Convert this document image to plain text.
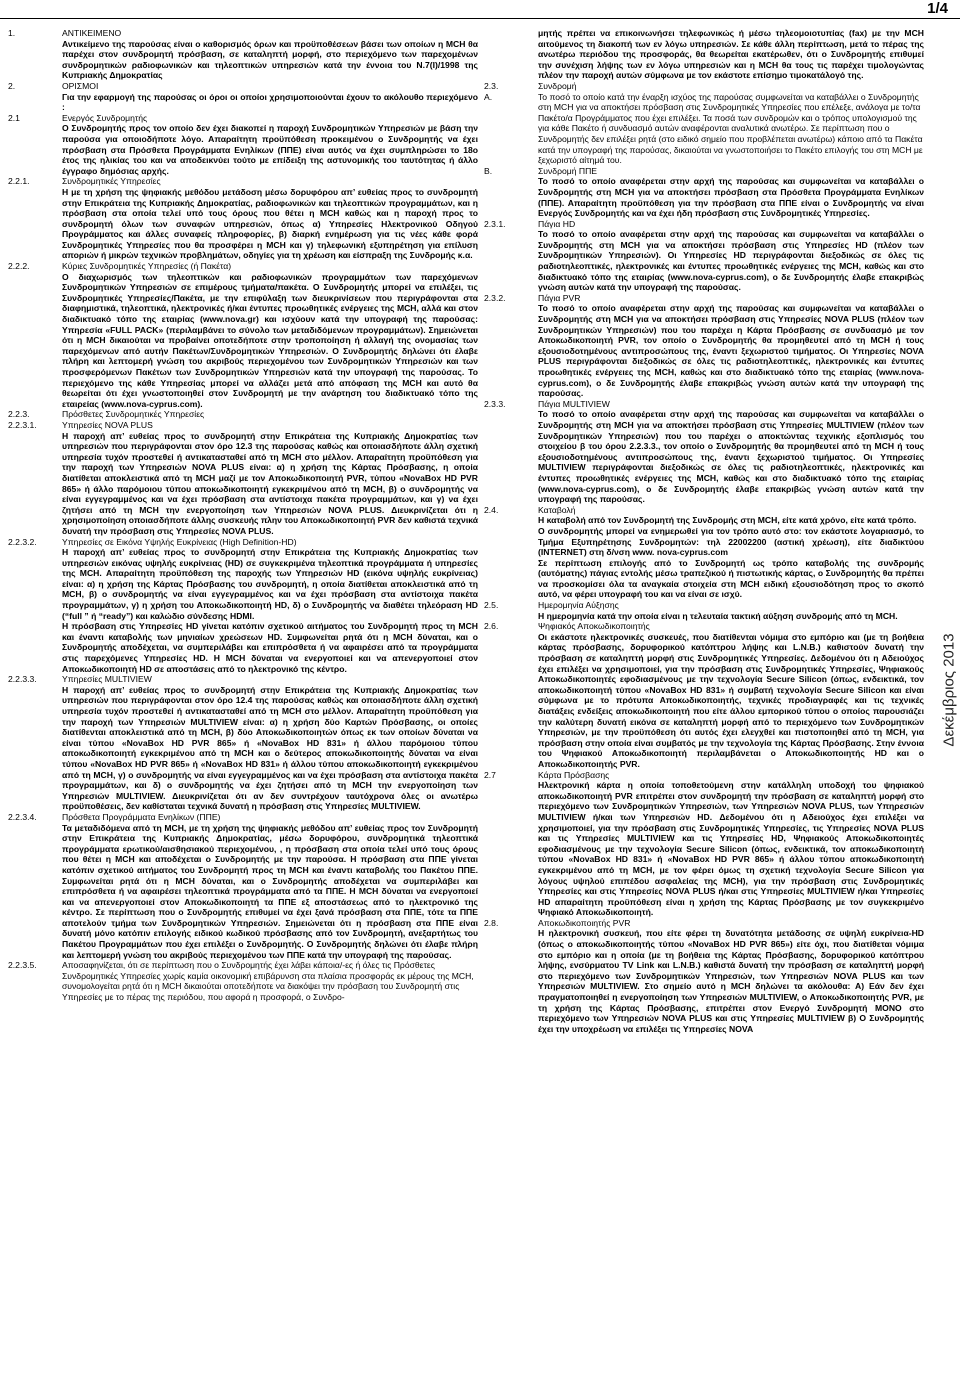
1/4
Δεκέμβριος 2013
1.	ΑΝΤΙΚΕΙΜΕΝΟ
Αντικείμενο της παρούσας είναι ο καθορισμός όρων και προϋποθέσεων βάσει των οποίων η MCH θα παρέχει στον συνδρομητή πρόσβαση, σε καταληπτή μορφή, στο περιεχόμενο των παρεχομένων συνδρομητικών ραδιοφωνικών και τηλεοπτικών υπηρεσιών κατά την έννοια του Ν.7(I)/1998 της Κυπριακής Δημοκρατίας
2.	ΟΡΙΣΜΟΙ
Για την εφαρμογή της παρούσας οι όροι οι οποίοι χρησιμοποιούνται έχουν το ακόλουθο περιεχόμενο :
2.1	Ενεργός Συνδρομητής
Ο Συνδρομητής προς τον οποίο δεν έχει διακοπεί η παροχή Συνδρομητικών Υπηρεσιών με βάση την παρούσα για οποιοδήποτε λόγο. Απαραίτητη προϋπόθεση προκειμένου ο Συνδρομητής να έχει πρόσβαση στα Πρόσθετα Προγράμματα Ενηλίκων (ΠΠΕ) είναι αυτός να έχει συμπληρώσει το 18ο έτος της ηλικίας του και να αποδεικνύει τούτο με επίδειξη της αστυνομικής του ταυτότητας ή άλλο έγγραφο δημόσιας αρχής.
2.2.1.	Συνδρομητικές Υπηρεσίες
Η με τη χρήση της ψηφιακής μεθόδου μετάδοση μέσω δορυφόρου απ’ ευθείας προς το συνδρομητή στην Επικράτεια της Κυπριακής Δημοκρατίας, ραδιοφωνικών και τηλεοπτικών προγραμμάτων, και η πρόσβαση στα οποία τελεί υπό τους όρους που θέτει η MCH καθώς και η παροχή προς το συνδρομητή όλων των συναφών υπηρεσιών, όπως α) Υπηρεσίες Ηλεκτρονικού Οδηγού Προγράμματος και άλλες συναφείς πληροφορίες, β) διαρκή ενημέρωση για τις νέες κάθε φορά Συνδρομητικές Υπηρεσίες που θα προσφέρει η MCH και γ) τηλεφωνική εξυπηρέτηση για επίλυση αποριών ή μικρών τεχνικών προβλημάτων, οδηγίες για τη χρέωση και είσπραξη της Συνδρομής κ.α.
2.2.2.	Κύριες Συνδρομητικές Υπηρεσίες (ή Πακέτα)
Ο διαχωρισμός των τηλεοπτικών και ραδιοφωνικών προγραμμάτων των παρεχόμενων Συνδρομητικών Υπηρεσιών σε επιμέρους τμήματα/πακέτα. Ο Συνδρομητής μπορεί να επιλέξει, τις Συνδρομητικές Υπηρεσίες/Πακέτα, με την επιφύλαξη των διευκρινίσεων που περιγράφονται στα διαφημιστικά, τηλεοπτικά, ηλεκτρονικές ή/και έντυπες προωθητικές ενέργειες της MCH, αλλά και στον διαδικτυακό τόπο της εταιρίας (www.nova.gr) και ισχύουν κατά την υπογραφή της παρούσας: Υπηρεσία «FULL PACK» (περιλαμβάνει το σύνολο των μεταδιδόμενων προγραμμάτων). Σημειώνεται ότι η MCH δικαιούται να προβαίνει οποτεδήποτε στην τροποποίηση ή αλλαγή της ονομασίας των παρεχόμενων από αυτήν Πακέτων/Συνδρομητικών Υπηρεσιών. Ο Συνδρομητής δηλώνει ότι έλαβε πλήρη και λεπτομερή γνώση του ακριβούς περιεχομένου των Συνδρομητικών Υπηρεσιών και των προσφερόμενων Πακέτων των Συνδρομητικών Υπηρεσιών κατά την υπογραφή της παρούσας. Το περιεχόμενο της κάθε Υπηρεσίας μπορεί να αλλάζει μετά από απόφαση της MCH και αυτό θα θεωρείται ότι έχει γνωστοποιηθεί στον Συνδρομητή με την ανάρτηση του διαδικτυακό τόπο της εταιρείας (www.nova-cyprus.com).
2.2.3.	Πρόσθετες Συνδρομητικές Υπηρεσίες
2.2.3.1.	Υπηρεσίες NOVA PLUS
Η παροχή απ’ ευθείας προς το συνδρομητή στην Επικράτεια της Κυπριακής Δημοκρατίας των υπηρεσιών που περιγράφονται στον όρο 12.3 της παρούσας καθώς και οποιασδήποτε άλλη σχετική υπηρεσία τυχόν προστεθεί ή αντικατασταθεί από τη MCH στο μέλλον. Απαραίτητη προϋπόθεση για την παροχή των Υπηρεσιών NOVA PLUS είναι: α) η χρήση της Κάρτας Πρόσβασης, η οποία διατίθεται αποκλειστικά από τη MCH μαζί με τον Αποκωδικοποιητή PVR, τύπου «NovaBox HD PVR 865» ή άλλο παρόμοιου τύπου αποκωδικοποιητή εγκεκριμένου από τη MCH, β) ο συνδρομητής να είναι εγγεγραμμένος και να έχει πρόσβαση στα αντίστοιχα πακέτα προγραμμάτων, και γ) να έχει ζητήσει από τη MCH την ενεργοποίηση των Υπηρεσιών NOVA PLUS. Διευκρινίζεται ότι η χρησιμοποίηση οποιασδήποτε άλλης συσκευής πλην του Αποκωδικοποιητή PVR δεν καθιστά τεχνικά δυνατή την πρόσβαση στις Υπηρεσίες NOVA PLUS.
2.2.3.2.	Υπηρεσίες σε Εικόνα Υψηλής Ευκρίνειας (High Definition-HD)
Η παροχή απ’ ευθείας προς το συνδρομητή στην Επικράτεια της Κυπριακής Δημοκρατίας των υπηρεσιών εικόνας υψηλής ευκρίνειας (HD) σε συγκεκριμένα τηλεοπτικά προγράμματα ή υπηρεσίες της MCH. Απαραίτητη προϋπόθεση της παροχής των Υπηρεσιών HD (εικόνα υψηλής ευκρίνειας) είναι: α) η χρήση της Κάρτας Πρόσβασης του συνδρομητή, η οποία διατίθεται αποκλειστικά από τη MCH, β) ο συνδρομητής να είναι εγγεγραμμένος και να έχει πρόσβαση στα αντίστοιχα πακέτα προγραμμάτων, γ) η χρήση του Αποκωδικοποιητή HD, δ) ο Συνδρομητής να διαθέτει τηλεόραση HD (“full ” ή “ready”) και καλώδιο σύνδεσης HDMI.
Η πρόσβαση στις Υπηρεσίες HD γίνεται κατόπιν σχετικού αιτήματος του Συνδρομητή προς τη MCH και έναντι καταβολής των μηνιαίων χρεώσεων HD. Συμφωνείται ρητά ότι η MCH δύναται, και ο Συνδρομητής αποδέχεται, να συμπεριλάβει και επιπρόσθετα ή να αφαιρέσει από τα προγράμματα στις παρεχόμενες Υπηρεσίες HD. Η MCH δύναται να ενεργοποιεί και να απενεργοποιεί στον Αποκωδικοποιητή HD σε αποστάσεις από το ηλεκτρονικό της κέντρο.
2.2.3.3.	Υπηρεσίες MULTIVIEW
Η παροχή απ’ ευθείας προς το συνδρομητή στην Επικράτεια της Κυπριακής Δημοκρατίας των υπηρεσιών που περιγράφονται στον όρο 12.4 της παρούσας καθώς και οποιασδήποτε άλλη σχετική υπηρεσία τυχόν προστεθεί ή αντικατασταθεί από τη MCH στο μέλλον. Απαραίτητη προϋπόθεση για την παροχή των Υπηρεσιών MULTIVIEW είναι: α) η χρήση δύο Καρτών Πρόσβασης, οι οποίες διατίθενται αποκλειστικά από τη MCH, β) δύο Αποκωδικοποιητών όπως εκ των οποίων δύναται να είναι τύπου «NovaBox HD PVR 865» ή «NovaBox HD 831» ή άλλου παρόμοιου τύπου αποκωδικοποιητή εγκεκριμένου από τη MCH και ο δεύτερος αποκωδικοποιητής δύναται να είναι τύπου «NovaBox HD PVR 865» ή «NovaBox HD 831» ή άλλου τύπου αποκωδικοποιητή εγκεκριμένου από τη MCH, γ) ο συνδρομητής να είναι εγγεγραμμένος και να έχει πρόσβαση στα αντίστοιχα πακέτα προγραμμάτων, και δ) ο συνδρομητής να έχει ζητήσει από τη MCH την ενεργοποίηση των Υπηρεσιών MULTIVIEW. Διευκρινίζεται ότι αν δεν συντρέχουν ταυτόχρονα όλες οι ανωτέρω προϋποθέσεις, δεν καθίσταται τεχνικά δυνατή η πρόσβαση στις Υπηρεσίες MULTIVIEW.
2.2.3.4.	Πρόσθετα Προγράμματα Ενηλίκων (ΠΠΕ)
Τα μεταδιδόμενα από τη MCH, με τη χρήση της ψηφιακής μεθόδου απ’ ευθείας προς τον Συνδρομητή στην Επικράτεια της Κυπριακής Δημοκρατίας, μέσω δορυφόρου, συνδρομητικά τηλεοπτικά προγράμματα ερωτικού/αισθησιακού περιεχομένου, , η πρόσβαση στα οποία τελεί υπό τους όρους που θέτει η MCH και αποδέχεται ο Συνδρομητής με την παρούσα. Η πρόσβαση στα ΠΠΕ γίνεται κατόπιν σχετικού αιτήματος του Συνδρομητή προς τη MCH και έναντι καταβολής του Πακέτου ΠΠΕ. Συμφωνείται ρητά ότι η MCH δύναται, και ο Συνδρομητής αποδέχεται να συμπεριλάβει και επιπρόσθετα ή να αφαιρέσει τηλεοπτικά προγράμματα από τα ΠΠΕ. Η MCH δύναται να ενεργοποιεί και να απενεργοποιεί στον Αποκωδικοποιητή τα ΠΠΕ εξ αποστάσεως από το ηλεκτρονικό της κέντρο. Σε περίπτωση που ο Συνδρομητής επιθυμεί να έχει ξανά πρόσβαση στα ΠΠΕ, τότε τα ΠΠΕ αποτελούν τμήμα των Συνδρομητικών Υπηρεσιών. Σημειώνεται ότι η πρόσβαση στα ΠΠΕ είναι δυνατή μόνο κατόπιν επιλογής ειδικού κωδικού πρόσβασης από τον Συνδρομητή, ανεξαρτήτως του Πακέτου Προγραμμάτων που έχει επιλέξει ο Συνδρομητής. Ο Συνδρομητής δηλώνει ότι έλαβε πλήρη και λεπτομερή γνώση του ακριβούς περιεχομένου των ΠΠΕ κατά την υπογραφή της παρούσας.
2.2.3.5.	Αποσαφηνίζεται, ότι σε περίπτωση που ο Συνδρομητής έχει λάβει κάποια/-ες ή όλες τις Πρόσθετες Συνδρομητικές Υπηρεσίες χωρίς καμία οικονομική επιβάρυνση στα πλαίσια προσφοράς εκ μέρους της MCH, συνομολογείται ρητά ότι η MCH δικαιούται οποτεδήποτε να διακόψει την πρόσβαση του Συνδρομητή στις Υπηρεσίες με το πέρας της περιόδου, που αφορά η προσφορά, ο Συνδρο-
μητής πρέπει να επικοινωνήσει τηλεφωνικώς ή μέσω τηλεομοιοτυπίας (fax) με την MCH αιτούμενος τη διακοπή των εν λόγω υπηρεσιών. Σε κάθε άλλη περίπτωση, μετά το πέρας της ανωτέρω περιόδου της προσφοράς, θα θεωρείται εκατέρωθεν, ότι ο Συνδρομητής επιθυμεί την συνέχιση λήψης των εν λόγω υπηρεσιών και η MCH θα τους τις παρέχει τιμολογώντας πλέον την παροχή αυτών σύμφωνα με τον εκάστοτε επίσημο τιμοκατάλογό της.
2.3.	Συνδρομή
Α.	Το ποσό το οποίο κατά την έναρξη ισχύος της παρούσας συμφωνείται να καταβάλλει ο Συνδρομητής στη MCH για να αποκτήσει πρόσβαση στις Συνδρομητικές Υπηρεσίες που επέλεξε, ανάλογα με το/τα Πακέτο/α Προγράμματος που έχει επιλέξει. Τα ποσά των συνδρομών και ο τρόπος υπολογισμού της για κάθε Πακέτο ή συνδυασμό αυτών αναφέρονται αναλυτικά ανωτέρω. Σε περίπτωση που ο Συνδρομητής δεν επιλέξει ρητά (στο ειδικό σημείο που προβλέπεται ανωτέρω) κάποιο από τα Πακέτα κατά την υπογραφή της παρούσας, δικαιούται να γνωστοποιήσει το Πακέτο επιλογής του στη MCH με ξεχωριστό αίτημά του.
Β.	Συνδρομή ΠΠΕ
Το ποσό το οποίο αναφέρεται στην αρχή της παρούσας και συμφωνείται να καταβάλλει ο Συνδρομητής στη MCH για να αποκτήσει πρόσβαση στα Πρόσθετα Προγράμματα Ενηλίκων (ΠΠΕ). Απαραίτητη προϋπόθεση για την πρόσβαση στα ΠΠΕ είναι ο Συνδρομητής να είναι Ενεργός Συνδρομητής και να έχει ήδη πρόσβαση στις Συνδρομητικές Υπηρεσίες.
2.3.1.	Πάγια HD
Το ποσό το οποίο αναφέρεται στην αρχή της παρούσας και συμφωνείται να καταβάλλει ο Συνδρομητής στη MCH για να αποκτήσει πρόσβαση στις Υπηρεσίες HD (πλέον των Συνδρομητικών Υπηρεσιών). Οι Υπηρεσίες HD περιγράφονται διεξοδικώς σε όλες τις ραδιοτηλεοπτικές, ηλεκτρονικές και έντυπες προωθητικές ενέργειες της MCH, καθώς και στο διαδικτυακό τόπο της εταιρίας (www.nova-cyprus.com), ο δε Συνδρομητής έλαβε επακριβώς γνώση αυτών κατά την υπογραφή της παρούσας.
2.3.2.	Πάγια PVR
Το ποσό το οποίο αναφέρεται στην αρχή της παρούσας και συμφωνείται να καταβάλλει ο Συνδρομητής στη MCH για να αποκτήσει πρόσβαση στις Υπηρεσίες NOVA PLUS (πλέον των Συνδρομητικών Υπηρεσιών) που του παρέχει η Κάρτα Πρόσβασης σε συνδυασμό με τον Αποκωδικοποιητή PVR, τον οποίο ο Συνδρομητής θα προμηθευτεί από τη MCH ή τους εξουσιοδοτημένους αντιπροσώπους της, έναντι ξεχωριστού τιμήματος. Οι Υπηρεσίες NOVA PLUS περιγράφονται διεξοδικώς σε όλες τις ραδιοτηλεοπτικές, ηλεκτρονικές και έντυπες προωθητικές ενέργειες της MCH, καθώς και στο διαδικτυακό τόπο της εταιρίας (www.nova-cyprus.com), ο δε Συνδρομητής έλαβε επακριβώς γνώση αυτών κατά την υπογραφή της παρούσας.
2.3.3.	Πάγια MULTIVIEW
Το ποσό το οποίο αναφέρεται στην αρχή της παρούσας και συμφωνείται να καταβάλλει ο Συνδρομητής στη MCH για να αποκτήσει πρόσβαση στις Υπηρεσίες MULTIVIEW (πλέον των Συνδρομητικών Υπηρεσιών) που του παρέχει ο αποκτώντας τεχνικής εξοπλισμός του στοιχείου β του όρου 2.2.3.3., τον οποίο ο Συνδρομητής θα προμηθευτεί από τη MCH ή τους εξουσιοδοτημένους αντιπροσώπους της, έναντι ξεχωριστού τιμήματος. Οι Υπηρεσίες MULTIVIEW περιγράφονται διεξοδικώς σε όλες τις ραδιοτηλεοπτικές, ηλεκτρονικές και έντυπες προωθητικές ενέργειες της MCH, καθώς και στο διαδικτυακό τόπο της εταιρίας (www.nova-cyprus.com), ο δε Συνδρομητής έλαβε επακριβώς γνώση αυτών κατά την υπογραφή της παρούσας.
2.4.	Καταβολή
Η καταβολή από τον Συνδρομητή της Συνδρομής στη MCH, είτε κατά χρόνο, είτε κατά τρόπο.
Ο συνδρομητής μπορεί να ενημερωθεί για τον τρόπο αυτό στο: τον εκάστοτε λογαριασμό, το Τμήμα Εξυπηρέτησης Συνδρομητών: τηλ 22002200 (αστική χρέωση), είτε διαδικτύου (INTERNET) στη δ/νση www. nova-cyprus.com
Σε περίπτωση επιλογής από το Συνδρομητή ως τρόπο καταβολής της συνδρομής (αυτόματης) πάγιας εντολής μέσω τραπεζικού ή πιστωτικής κάρτας, ο Συνδρομητής θα πρέπει να προσκομίσει όλα τα αναγκαία στοιχεία στη MCH ειδική εξουσιοδότηση προς το σκοπό αυτό, να φέρει υπογραφή του και να είναι σε ισχύ.
2.5.	Ημερομηνία Αύξησης
Η ημερομηνία κατά την οποία είναι η τελευταία τακτική αύξηση συνδρομής από τη MCH.
2.6.	Ψηφιακός Αποκωδικοποιητής
Οι εκάστοτε ηλεκτρονικές συσκευές, που διατίθενται νόμιμα στο εμπόριο και (με τη βοήθεια κάρτας πρόσβασης, δορυφορικού κατόπτρου λήψης και L.N.B.) καθιστούν δυνατή την πρόσβαση σε καταληπτή μορφή στις Συνδρομητικές Υπηρεσίες. Δεδομένου ότι η Αδειούχος έχει επιλέξει να χρησιμοποιεί, για την πρόσβαση στις Συνδρομητικές Υπηρεσίες, Ψηφιακούς Αποκωδικοποιητές εφοδιασμένους με την τεχνολογία Secure Silicon (όπως, ενδεικτικά, τον αποκωδικοποιητή τύπου «NovaBox HD 831» ή συμβατή τεχνολογία Secure Silicon και είναι σύμφωνα με το πρότυπα Αποκωδικοποιητής, τεχνικές προδιαγραφές και τις τεχνικές διατάξεις ενδείξεις αποκωδικοποιητή που είτε άλλου εμπορικού τύπου ο οποίος παρουσιάζει την καλύτερη δυνατή εικόνα σε καταληπτή μορφή από το περιεχόμενο των Συνδρομητικών Υπηρεσιών, με την προϋπόθεση ότι αυτός έχει ελεγχθεί και πιστοποιηθεί από τη MCH, για πρόσβαση στην οποία είναι συμβατός με την τεχνολογία της Κάρτας Πρόσβασης. Στην έννοια του Ψηφιακού Αποκωδικοποιητή περιλαμβάνεται ο Αποκωδικοποιητής HD και ο Αποκωδικοποιητής PVR.
2.7	Κάρτα Πρόσβασης
Ηλεκτρονική κάρτα η οποία τοποθετούμενη στην κατάλληλη υποδοχή του ψηφιακού αποκωδικοποιητή PVR επιτρέπει στον συνδρομητή την πρόσβαση σε καταληπτή μορφή στο περιεχόμενο των Συνδρομητικών Υπηρεσιών, των Υπηρεσιών NOVA PLUS, των Υπηρεσιών MULTIVIEW ή/και των Υπηρεσιών HD. Δεδομένου ότι η Αδειούχος έχει επιλέξει να χρησιμοποιεί, για την πρόσβαση στις Συνδρομητικές Υπηρεσίες, τις Υπηρεσίες NOVA PLUS και τις Υπηρεσίες MULTIVIEW και τις Υπηρεσίες HD, Ψηφιακούς Αποκωδικοποιητές εφοδιασμένους με την τεχνολογία Secure Silicon (όπως, ενδεικτικά, τον αποκωδικοποιητή τύπου «NovaBox HD 831» ή «NovaBox HD PVR 865» ή άλλου τύπου αποκωδικοποιητή εγκεκριμένου από τη MCH, με τον φέρει όμως τη σχετική τεχνολογία Secure Silicon για λόγους υψηλού επιπέδου ασφαλείας της MCH), για την πρόσβαση στις Συνδρομητικές Υπηρεσίες και στις Υπηρεσίες NOVA PLUS ή/και στις Υπηρεσίες MULTIVIEW ή/και Υπηρεσίες HD απαραίτητη προϋπόθεση είναι η χρήση της Κάρτας Πρόσβασης με τον συγκεκριμένο Ψηφιακό Αποκωδικοποιητή.
2.8.	Αποκωδικοποιητής PVR
Η ηλεκτρονική συσκευή, που είτε φέρει τη δυνατότητα μετάδοσης σε υψηλή ευκρίνεια-HD (όπως ο αποκωδικοποιητής τύπου «NovaBox HD PVR 865») είτε όχι, που διατίθεται νόμιμα στο εμπόριο και η οποία (με τη βοήθεια της Κάρτας Πρόσβασης, δορυφορικού κατόπτρου λήψης, ενσύρματου TV Link και L.N.B.) καθιστά δυνατή την πρόσβαση σε καταληπτή μορφή στο περιεχόμενο των Συνδρομητικών Υπηρεσιών, των Υπηρεσιών NOVA PLUS και των Υπηρεσιών MULTIVIEW. Στο σημείο αυτό η MCH δηλώνει τα ακόλουθα: Α) Εάν δεν έχει πραγματοποιηθεί η ενεργοποίηση των Υπηρεσιών MULTIVIEW, ο Αποκωδικοποιητής PVR, με τη χρήση της Κάρτας Πρόσβασης, επιτρέπει στον Ενεργό Συνδρομητή ΜΟΝΟ στο περιεχόμενο των Υπηρεσιών NOVA PLUS και στις Υπηρεσίες MULTIVIEW β) Ο Συνδρομητής έχει την υποχρέωση να επιλέξει τις Υπηρεσίες NOVA
